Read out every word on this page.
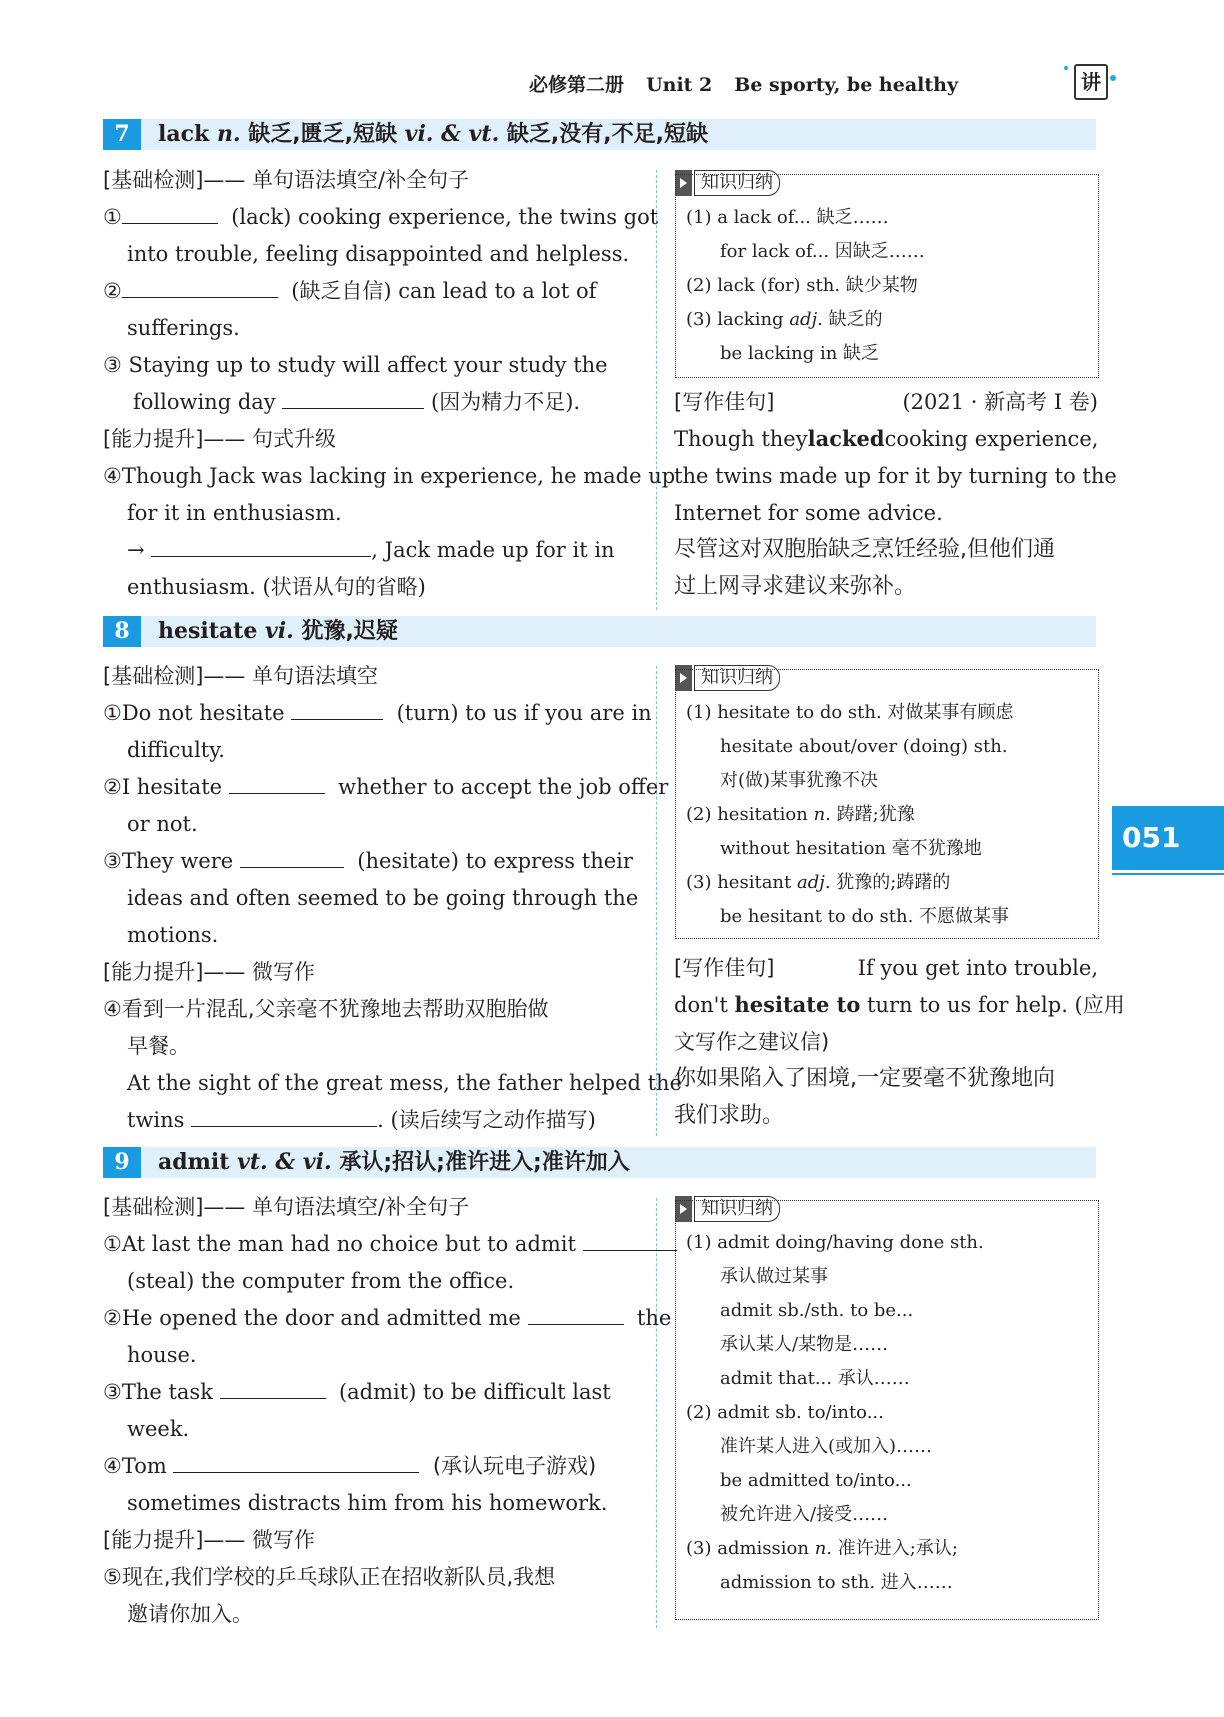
必修第二册 Unit 2 Be sporty, be healthy	讲
051
7	lack n. 缺乏,匮乏,短缺 vi. & vt. 缺乏,没有,不足,短缺
[基础检测]—— 单句语法填空/补全句子
①	(lack) cooking experience, the twins got
into trouble, feeling disappointed and helpless.
②	(缺乏自信) can lead to a lot of
sufferings.
③ Staying up to study will affect your study the
following day	(因为精力不足).
[能力提升]—— 句式升级
④Though Jack was lacking in experience, he made up
for it in enthusiasm.
→	, Jack made up for it in
enthusiasm. (状语从句的省略)
知识归纳
(1) a lack of... 缺乏……
for lack of... 因缺乏……
(2) lack (for) sth. 缺少某物
(3) lacking adj. 缺乏的
be lacking in 缺乏
[写作佳句]	(2021 · 新高考 Ⅰ 卷)
Though they lacked cooking experience,
the twins made up for it by turning to the
Internet for some advice.
尽管这对双胞胎缺乏烹饪经验,但他们通
过上网寻求建议来弥补。
8	hesitate vi. 犹豫,迟疑
[基础检测]—— 单句语法填空
①Do not hesitate	(turn) to us if you are in
difficulty.
②I hesitate	whether to accept the job offer
or not.
③They were	(hesitate) to express their
ideas and often seemed to be going through the
motions.
[能力提升]—— 微写作
④看到一片混乱,父亲毫不犹豫地去帮助双胞胎做
早餐。
At the sight of the great mess, the father helped the
twins	. (读后续写之动作描写)
知识归纳
(1) hesitate to do sth. 对做某事有顾虑
hesitate about/over (doing) sth.
对(做)某事犹豫不决
(2) hesitation n. 踌躇;犹豫
without hesitation 毫不犹豫地
(3) hesitant adj. 犹豫的;踌躇的
be hesitant to do sth. 不愿做某事
[写作佳句]	If you get into trouble,
don't hesitate to turn to us for help. (应用
文写作之建议信)
你如果陷入了困境,一定要毫不犹豫地向
我们求助。
9	admit vt. & vi. 承认;招认;准许进入;准许加入
[基础检测]—— 单句语法填空/补全句子
①At last the man had no choice but to admit
(steal) the computer from the office.
②He opened the door and admitted me	the
house.
③The task	(admit) to be difficult last
week.
④Tom	(承认玩电子游戏)
sometimes distracts him from his homework.
[能力提升]—— 微写作
⑤现在,我们学校的乒乓球队正在招收新队员,我想
邀请你加入。
知识归纳
(1) admit doing/having done sth.
承认做过某事
admit sb./sth. to be...
承认某人/某物是……
admit that... 承认……
(2) admit sb. to/into...
准许某人进入(或加入)……
be admitted to/into...
被允许进入/接受……
(3) admission n. 准许进入;承认;
admission to sth. 进入……
